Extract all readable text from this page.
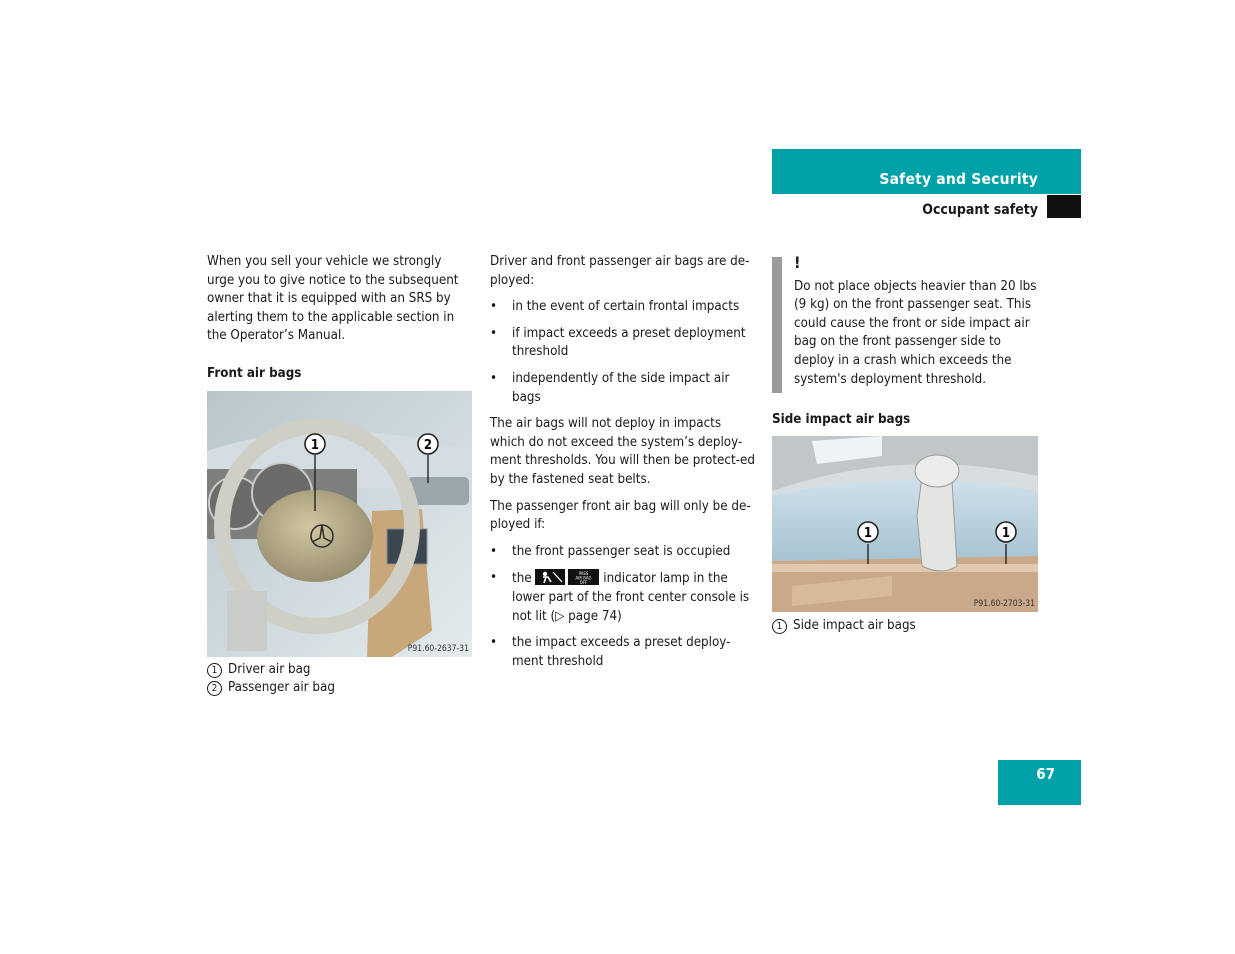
Safety and Security
Occupant safety

When you sell your vehicle we strongly urge you to give notice to the subsequent owner that it is equipped with an SRS by alerting them to the applicable section in the Operator’s Manual.

Front air bags

1	2
P91.60-2637-31
1 Driver air bag
2 Passenger air bag

Driver and front passenger air bags are de-ployed:

• in the event of certain frontal impacts
• if impact exceeds a preset deployment threshold
• independently of the side impact air bags

The air bags will not deploy in impacts which do not exceed the system’s deploy-ment thresholds. You will then be protect-ed by the fastened seat belts.

The passenger front air bag will only be de-ployed if:

• the front passenger seat is occupied
• the	PASS
AIR BAG
OFF indicator lamp in the lower part of the front center console is not lit (▷ page 74)
• the impact exceeds a preset deploy-ment threshold
!

Do not place objects heavier than 20 lbs (9 kg) on the front passenger seat. This could cause the front or side impact air bag on the front passenger side to deploy in a crash which exceeds the system's deployment threshold.

Side impact air bags

1	1
P91.60-2703-31
1 Side impact air bags
67
